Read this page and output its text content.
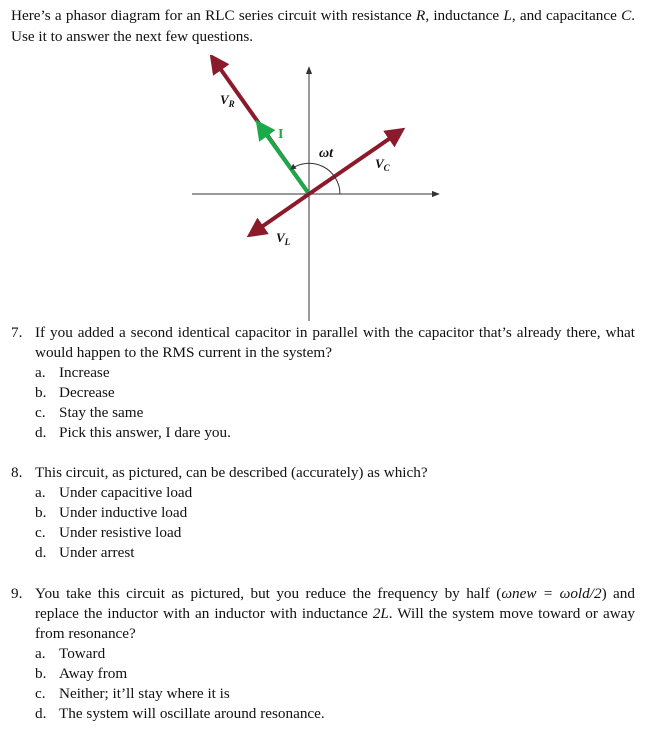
Here’s a phasor diagram for an RLC series circuit with resistance R, inductance L, and capacitance C. Use it to answer the next few questions.

$V_R$
I
ωt
$V_C$
$V_L$
7. If you added a second identical capacitor in parallel with the capacitor that’s already there, what would happen to the RMS current in the system?
a. Increase
b. Decrease
c. Stay the same
d. Pick this answer, I dare you.
8. This circuit, as pictured, can be described (accurately) as which?
a. Under capacitive load
b. Under inductive load
c. Under resistive load
d. Under arrest
9. You take this circuit as pictured, but you reduce the frequency by half (ωnew = ωold/2) and replace the inductor with an inductor with inductance 2L. Will the system move toward or away from resonance?
a. Toward
b. Away from
c. Neither; it’ll stay where it is
d. The system will oscillate around resonance.
